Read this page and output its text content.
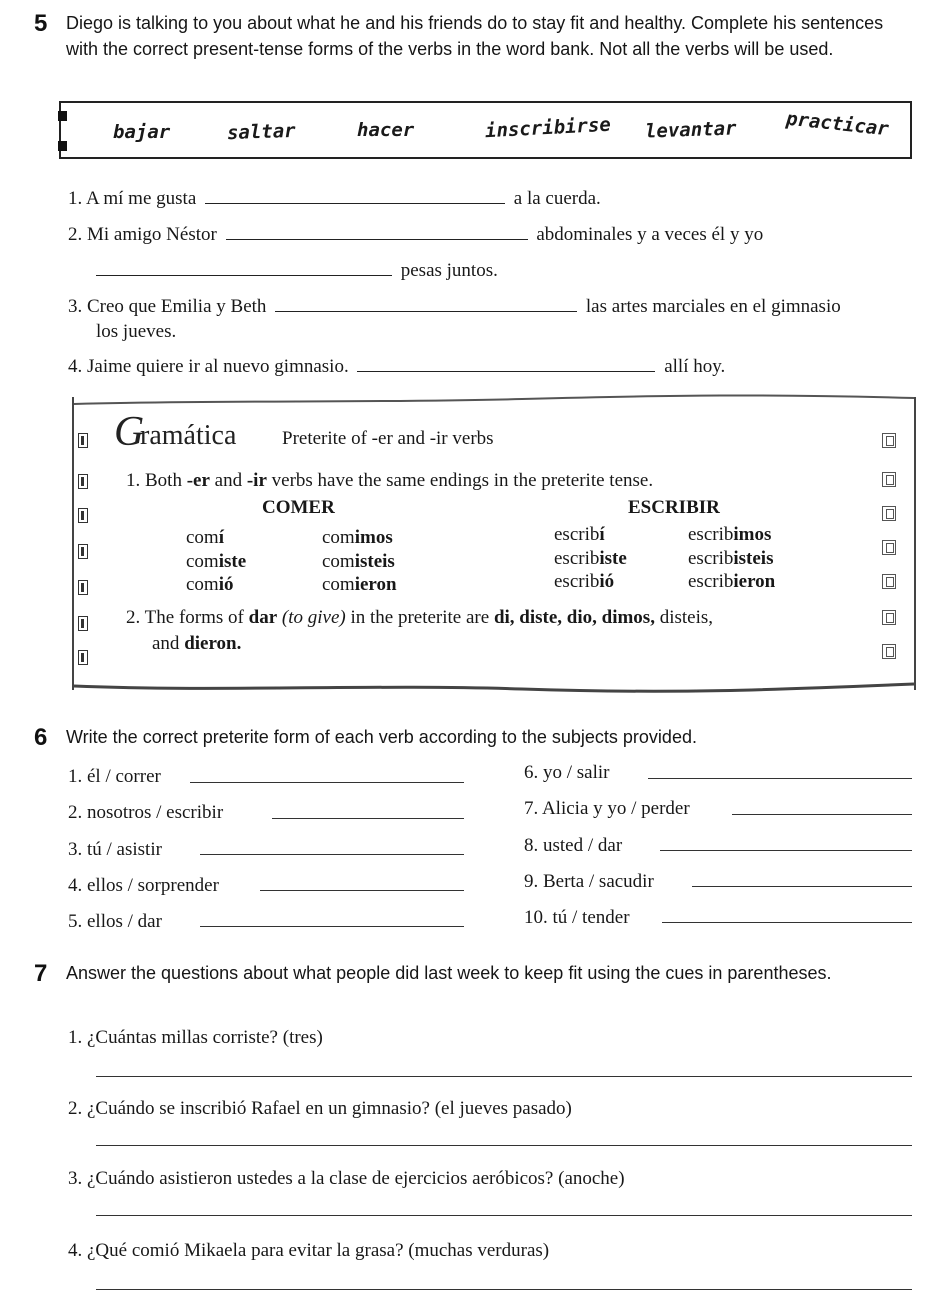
5 Diego is talking to you about what he and his friends do to stay fit and healthy. Complete his sentences with the correct present-tense forms of the verbs in the word bank. Not all the verbs will be used.
bajar	saltar	hacer	inscribirse levantar	practicar
1. A mí me gusta	a la cuerda.
2. Mi amigo Néstor	abdominales y a veces él y yo
pesas juntos.
3. Creo que Emilia y Beth	las artes marciales en el gimnasio
los jueves.
4. Jaime quiere ir al nuevo gimnasio.	allí hoy.
G
ramática Preterite of -er and -ir verbs
1. Both -er and -ir verbs have the same endings in the preterite tense.
COMER	ESCRIBIR
comí	comimos
comiste	comisteis
comió	comieron
escribí	escribimos
escribiste	escribisteis
escribió	escribieron
2. The forms of dar (to give) in the preterite are di, diste, dio, dimos, disteis,
and dieron.
6 Write the correct preterite form of each verb according to the subjects provided.
1. él / correr
2. nosotros / escribir
3. tú / asistir
4. ellos / sorprender
5. ellos / dar
6. yo / salir
7. Alicia y yo / perder
8. usted / dar
9. Berta / sacudir
10. tú / tender
7 Answer the questions about what people did last week to keep fit using the cues in parentheses.
1. ¿Cuántas millas corriste? (tres)
2. ¿Cuándo se inscribió Rafael en un gimnasio? (el jueves pasado)
3. ¿Cuándo asistieron ustedes a la clase de ejercicios aeróbicos? (anoche)
4. ¿Qué comió Mikaela para evitar la grasa? (muchas verduras)
